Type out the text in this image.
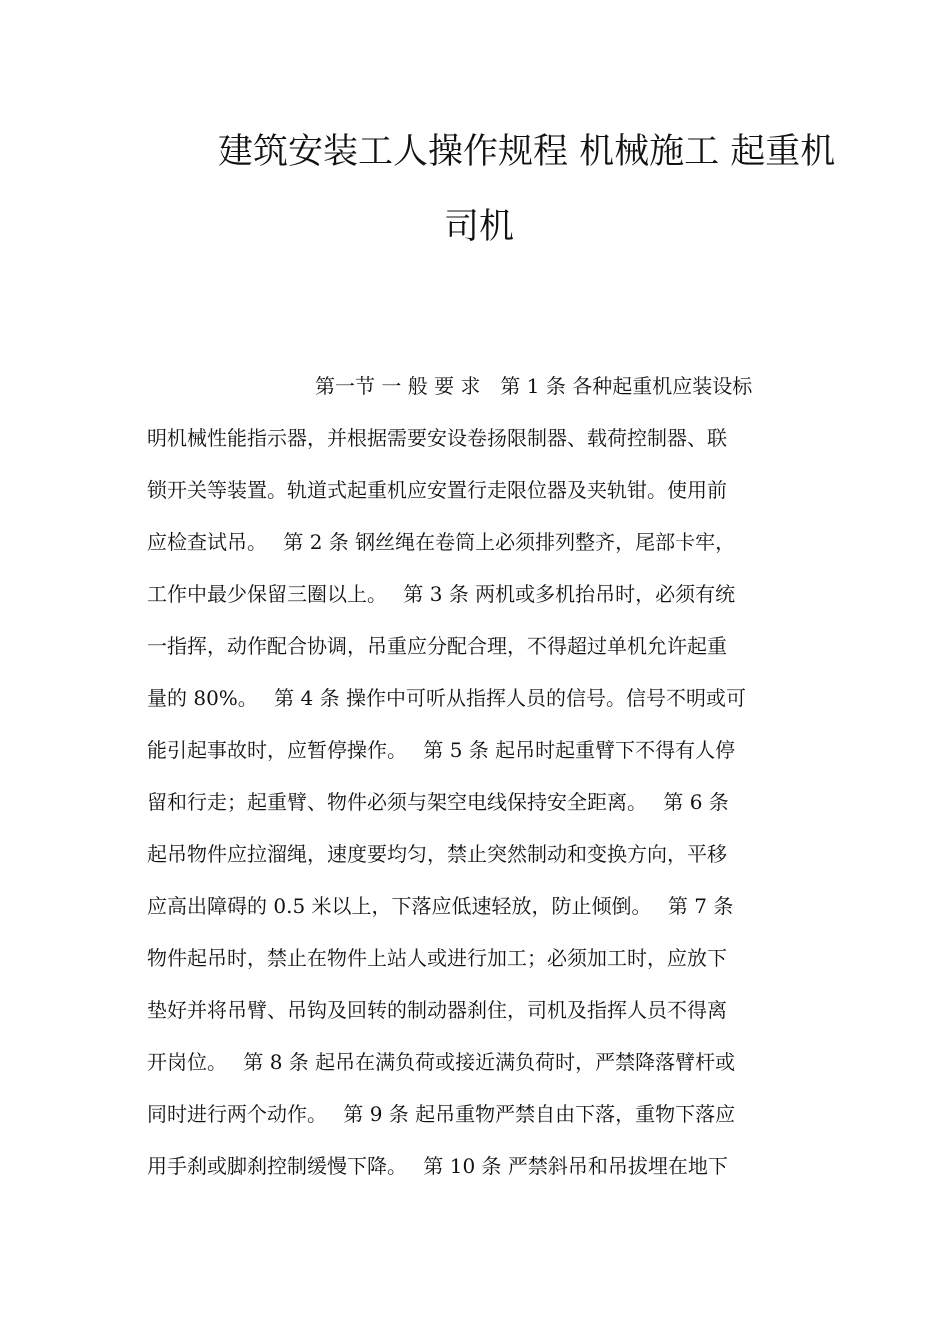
建筑安装工人操作规程 机械施工 起重机
司机
第一节 一 般 要 求　第 1 条 各种起重机应装设标
明机械性能指示器，并根据需要安设卷扬限制器、载荷控制器、联
锁开关等装置。轨道式起重机应安置行走限位器及夹轨钳。使用前
应检查试吊。　 第 2 条 钢丝绳在卷筒上必须排列整齐，尾部卡牢，
工作中最少保留三圈以上。　 第 3 条 两机或多机抬吊时，必须有统
一指挥，动作配合协调，吊重应分配合理，不得超过单机允许起重
量的 80%。　 第 4 条 操作中可听从指挥人员的信号。信号不明或可
能引起事故时，应暂停操作。　 第 5 条 起吊时起重臂下不得有人停
留和行走；起重臂、物件必须与架空电线保持安全距离。　 第 6 条
起吊物件应拉溜绳，速度要均匀，禁止突然制动和变换方向，平移
应高出障碍的 0.5 米以上，下落应低速轻放，防止倾倒。　 第 7 条
物件起吊时，禁止在物件上站人或进行加工；必须加工时，应放下
垫好并将吊臂、吊钩及回转的制动器刹住，司机及指挥人员不得离
开岗位。　 第 8 条 起吊在满负荷或接近满负荷时，严禁降落臂杆或
同时进行两个动作。　 第 9 条 起吊重物严禁自由下落，重物下落应
用手刹或脚刹控制缓慢下降。　 第 10 条 严禁斜吊和吊拔埋在地下
